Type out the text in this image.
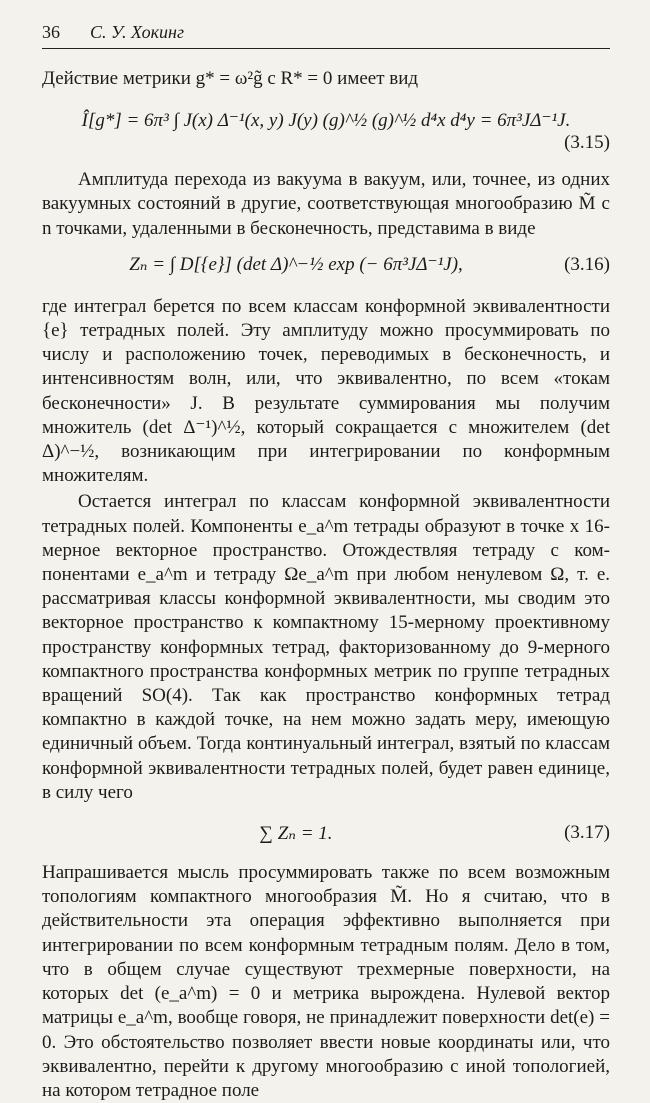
36	С. У. Хокинг

Действие метрики g* = ω²g̃ с R* = 0 имеет вид

Î[g*] = 6π³ ∫ J(x) Δ⁻¹(x, y) J(y) (g)^½ (g)^½ d⁴x d⁴y = 6π³JΔ⁻¹J.
(3.15)

Амплитуда перехода из вакуума в вакуум, или, точнее, из одних вакуумных состояний в другие, соответствующая многообразию M̃ с n точками, удаленными в бесконечность, представима в виде

Zₙ = ∫ D[{e}] (det Δ)^−½ exp (− 6π³JΔ⁻¹J),	(3.16)

где интеграл берется по всем классам конформной эквивалентности {e} тетрадных полей. Эту амплитуду можно просуммировать по числу и расположению точек, переводимых в бесконечность, и интенсивностям волн, или, что эквивалентно, по всем «токам бесконечности» J. В результате суммирования мы получим множитель (det Δ⁻¹)^½, который сокращается с множителем (det Δ)^−½, возникающим при интегрировании по конформным множителям.

Остается интеграл по классам конформной эквивалентности тетрадных полей. Компоненты e_a^m тетрады образуют в точке x 16-мерное векторное пространство. Отождествляя тетраду с компонентами e_a^m и тетраду Ωe_a^m при любом ненулевом Ω, т. е. рассматривая классы конформной эквивалентности, мы сводим это векторное пространство к компактному 15-мерному проективному пространству конформных тетрад, факторизованному до 9-мерного компактного пространства конформных метрик по группе тетрадных вращений SO(4). Так как пространство конформных тетрад компактно в каждой точке, на нем можно задать меру, имеющую единичный объем. Тогда континуальный интеграл, взятый по классам конформной эквивалентности тетрадных полей, будет равен единице, в силу чего

∑ Zₙ = 1.	(3.17)

Напрашивается мысль просуммировать также по всем возможным топологиям компактного многообразия M̃. Но я считаю, что в действительности эта операция эффективно выполняется при интегрировании по всем конформным тетрадным полям. Дело в том, что в общем случае существуют трехмерные поверхности, на которых det (e_a^m) = 0 и метрика вырождена. Нулевой вектор матрицы e_a^m, вообще говоря, не принадлежит поверхности det(e) = 0. Это обстоятельство позволяет ввести новые координаты или, что эквивалентно, перейти к другому многообразию с иной топологией, на котором тетрадное поле
